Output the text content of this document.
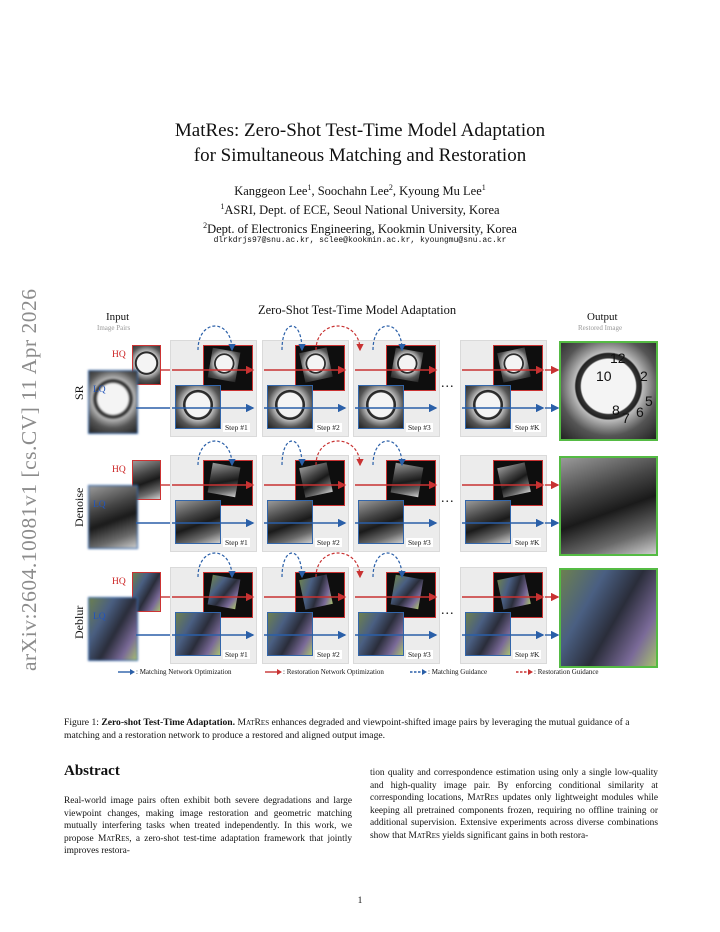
arXiv:2604.10081v1 [cs.CV] 11 Apr 2026
MatRes: Zero-Shot Test-Time Model Adaptation
for Simultaneous Matching and Restoration
Kanggeon Lee$^1$, Soochahn Lee$^2$, Kyoung Mu Lee$^1$
$^1$ASRI, Dept. of ECE, Seoul National University, Korea
$^2$Dept. of Electronics Engineering, Kookmin University, Korea
dlrkdrjs97@snu.ac.kr, sclee@kookmin.ac.kr, kyoungmu@snu.ac.kr
Zero-Shot Test-Time Model Adaptation
Input
Image Pairs
Output
Restored Image
SR
HQ
LQ
Step #1	Step #2	Step #3	Step #K
...
Denoise
HQ
LQ
Step #1	Step #2	Step #3	Step #K
...
Deblur
HQ
LQ
Step #1	Step #2	Step #3	Step #K
...
12
2
10
8 7 6
5
: Matching Network Optimization	: Restoration Network Optimization	: Matching Guidance	: Restoration Guidance
Figure 1: Zero-shot Test-Time Adaptation. MatRes enhances degraded and viewpoint-shifted image pairs by leveraging the mutual guidance of a matching and a restoration network to produce a restored and aligned output image.
Abstract
Real-world image pairs often exhibit both severe degradations and large viewpoint changes, making image restoration and geometric matching mutually interfering tasks when treated independently. In this work, we propose MatRes, a zero-shot test-time adaptation framework that jointly improves restora-
tion quality and correspondence estimation using only a single low-quality and high-quality image pair. By enforcing conditional similarity at corresponding locations, MatRes updates only lightweight modules while keeping all pretrained components frozen, requiring no offline training or additional supervision. Extensive experiments across diverse combinations show that MatRes yields significant gains in both restora-
1
